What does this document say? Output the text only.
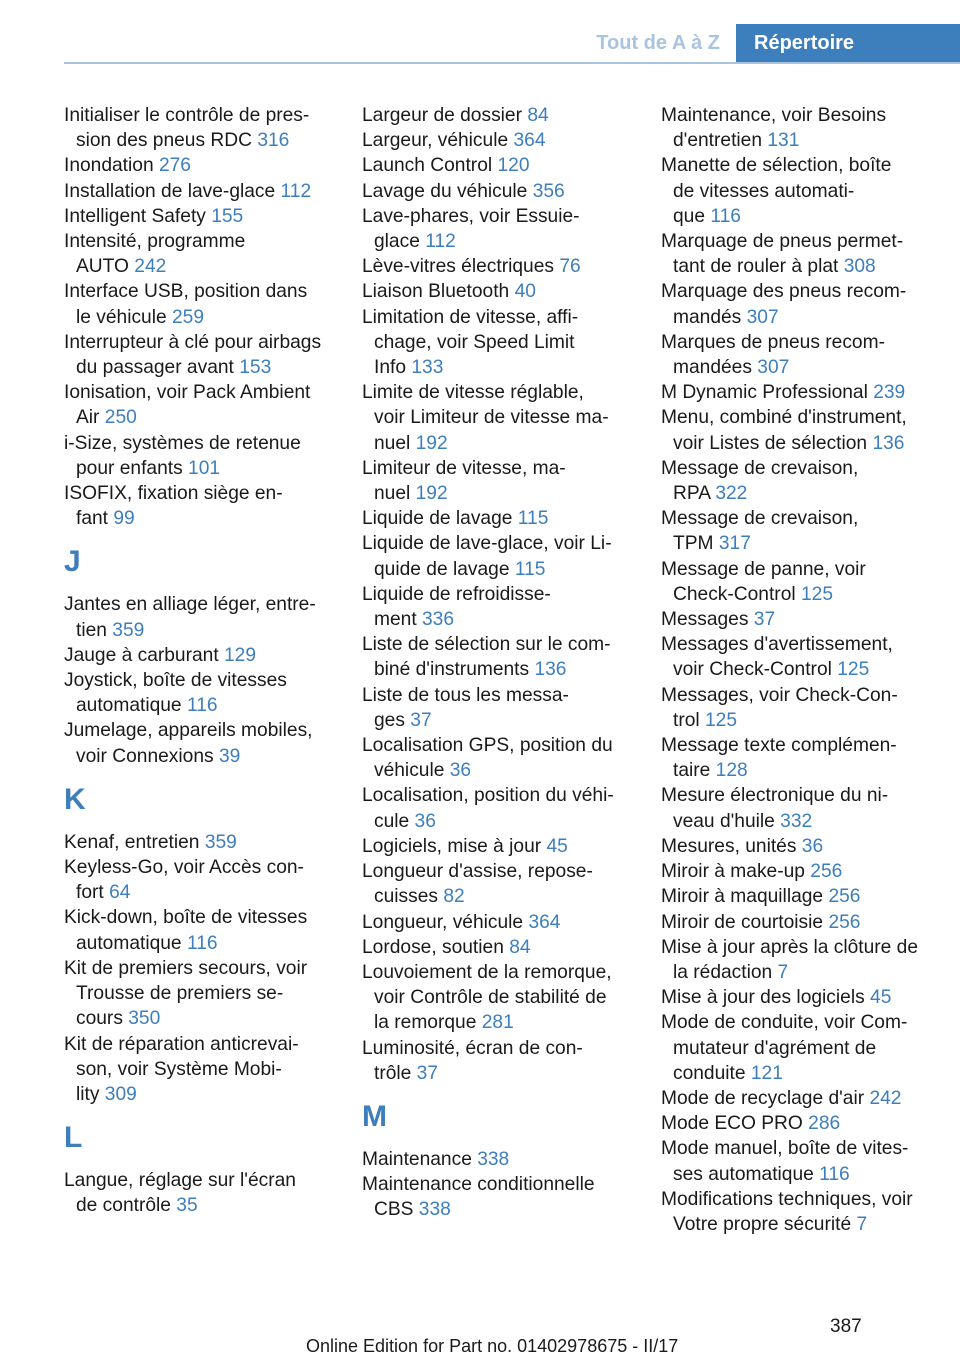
Tout de A à Z	Répertoire
Initialiser le contrôle de pres‐
sion des pneus RDC 316
Inondation 276
Installation de lave-glace 112
Intelligent Safety 155
Intensité, programme
AUTO 242
Interface USB, position dans
le véhicule 259
Interrupteur à clé pour airbags
du passager avant 153
Ionisation, voir Pack Ambient
Air 250
i-Size, systèmes de retenue
pour enfants 101
ISOFIX, fixation siège en‐
fant 99
J
Jantes en alliage léger, entre‐
tien 359
Jauge à carburant 129
Joystick, boîte de vitesses
automatique 116
Jumelage, appareils mobiles,
voir Connexions 39
K
Kenaf, entretien 359
Keyless-Go, voir Accès con‐
fort 64
Kick-down, boîte de vitesses
automatique 116
Kit de premiers secours, voir
Trousse de premiers se‐
cours 350
Kit de réparation anticrevai‐
son, voir Système Mobi‐
lity 309
L
Langue, réglage sur l'écran
de contrôle 35
Largeur de dossier 84
Largeur, véhicule 364
Launch Control 120
Lavage du véhicule 356
Lave-phares, voir Essuie-
glace 112
Lève-vitres électriques 76
Liaison Bluetooth 40
Limitation de vitesse, affi‐
chage, voir Speed Limit
Info 133
Limite de vitesse réglable,
voir Limiteur de vitesse ma‐
nuel 192
Limiteur de vitesse, ma‐
nuel 192
Liquide de lavage 115
Liquide de lave-glace, voir Li‐
quide de lavage 115
Liquide de refroidisse‐
ment 336
Liste de sélection sur le com‐
biné d'instruments 136
Liste de tous les messa‐
ges 37
Localisation GPS, position du
véhicule 36
Localisation, position du véhi‐
cule 36
Logiciels, mise à jour 45
Longueur d'assise, repose-
cuisses 82
Longueur, véhicule 364
Lordose, soutien 84
Louvoiement de la remorque,
voir Contrôle de stabilité de
la remorque 281
Luminosité, écran de con‐
trôle 37
M
Maintenance 338
Maintenance conditionnelle
CBS 338
Maintenance, voir Besoins
d'entretien 131
Manette de sélection, boîte
de vitesses automati‐
que 116
Marquage de pneus permet‐
tant de rouler à plat 308
Marquage des pneus recom‐
mandés 307
Marques de pneus recom‐
mandées 307
M Dynamic Professional 239
Menu, combiné d'instrument,
voir Listes de sélection 136
Message de crevaison,
RPA 322
Message de crevaison,
TPM 317
Message de panne, voir
Check-Control 125
Messages 37
Messages d'avertissement,
voir Check-Control 125
Messages, voir Check-Con‐
trol 125
Message texte complémen‐
taire 128
Mesure électronique du ni‐
veau d'huile 332
Mesures, unités 36
Miroir à make-up 256
Miroir à maquillage 256
Miroir de courtoisie 256
Mise à jour après la clôture de
la rédaction 7
Mise à jour des logiciels 45
Mode de conduite, voir Com‐
mutateur d'agrément de
conduite 121
Mode de recyclage d'air 242
Mode ECO PRO 286
Mode manuel, boîte de vites‐
ses automatique 116
Modifications techniques, voir
Votre propre sécurité 7
387
Online Edition for Part no. 01402978675 - II/17
